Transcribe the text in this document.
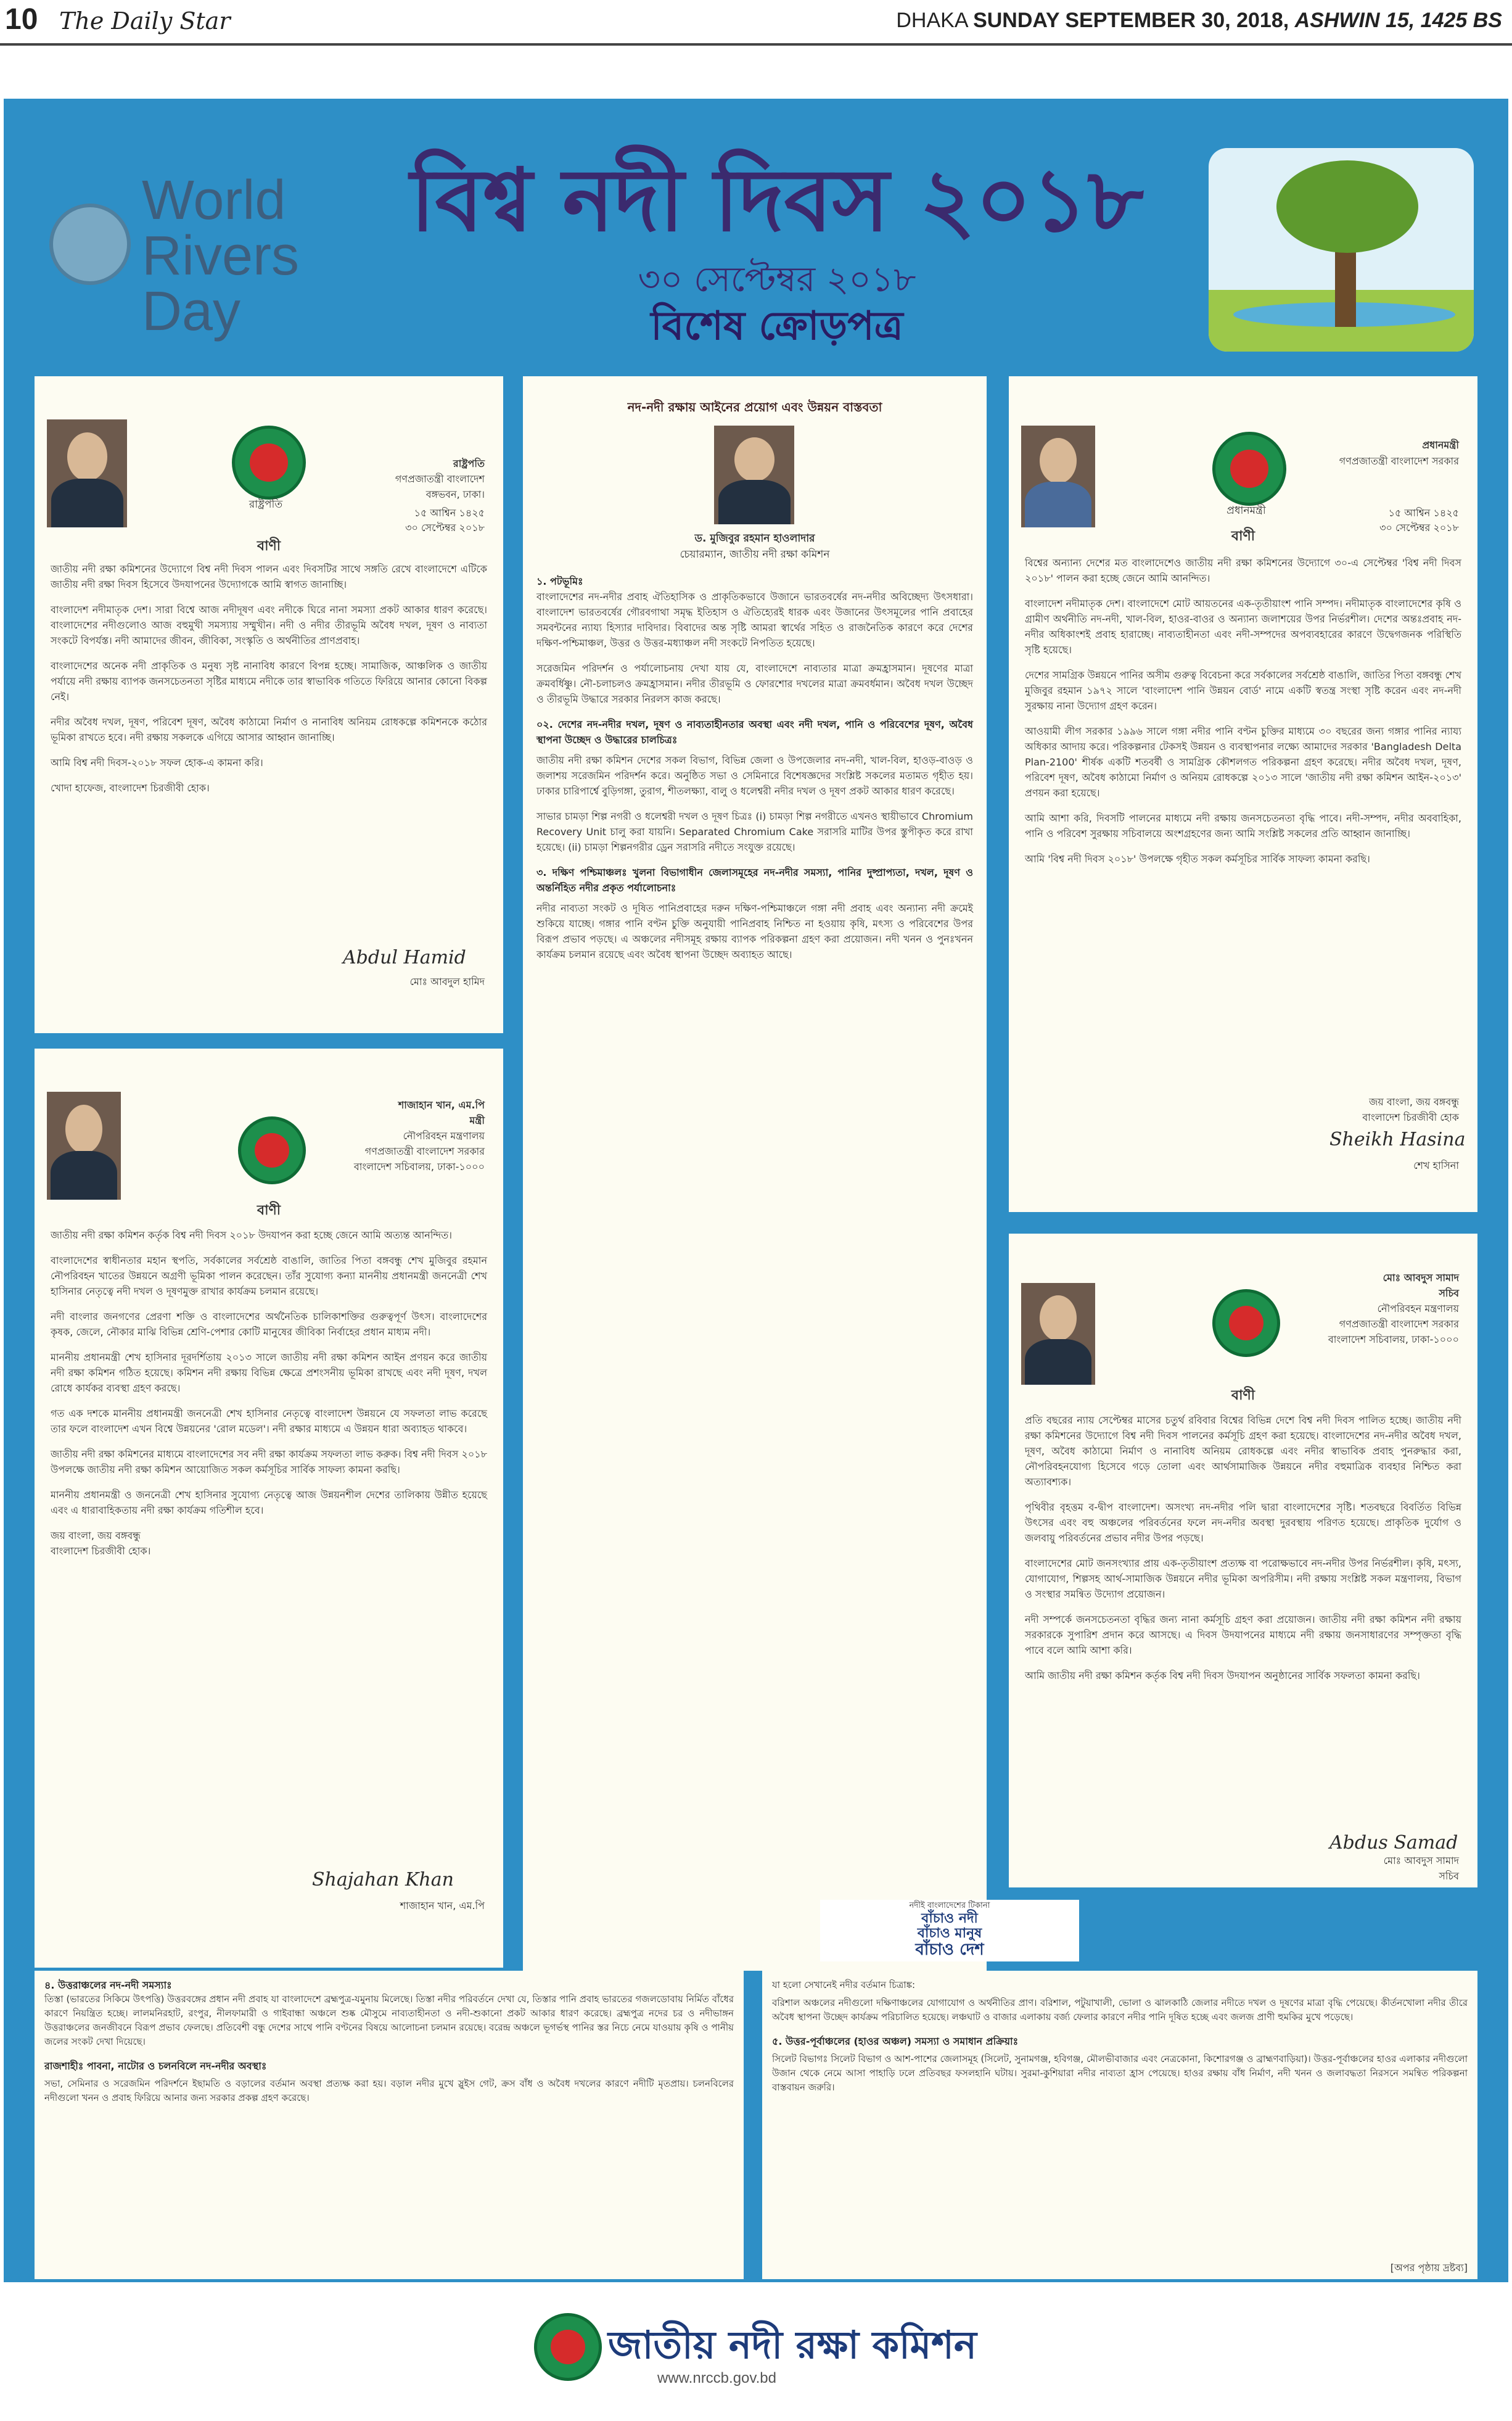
10 The Daily Star	DHAKA SUNDAY SEPTEMBER 30, 2018, ASHWIN 15, 1425 BS
World
Rivers
Day
বিশ্ব নদী দিবস ২০১৮
৩০ সেপ্টেম্বর ২০১৮
বিশেষ ক্রোড়পত্র
রাষ্ট্রপতি
রাষ্ট্রপতি
গণপ্রজাতন্ত্রী বাংলাদেশ
বঙ্গভবন, ঢাকা।
১৫ আশ্বিন ১৪২৫
৩০ সেপ্টেম্বর ২০১৮
বাণী

জাতীয় নদী রক্ষা কমিশনের উদ্যোগে বিশ্ব নদী দিবস পালন এবং দিবসটির সাথে সঙ্গতি রেখে বাংলাদেশে এটিকে জাতীয় নদী রক্ষা দিবস হিসেবে উদযাপনের উদ্যোগকে আমি স্বাগত জানাচ্ছি।

বাংলাদেশ নদীমাতৃক দেশ। সারা বিশ্বে আজ নদীদূষণ এবং নদীকে ঘিরে নানা সমস্যা প্রকট আকার ধারণ করেছে। বাংলাদেশের নদীগুলোও আজ বহুমুখী সমস্যায় সম্মুখীন। নদী ও নদীর তীরভূমি অবৈধ দখল, দূষণ ও নাব্যতা সংকটে বিপর্যস্ত। নদী আমাদের জীবন, জীবিকা, সংস্কৃতি ও অর্থনীতির প্রাণপ্রবাহ।

বাংলাদেশের অনেক নদী প্রাকৃতিক ও মনুষ্য সৃষ্ট নানাবিধ কারণে বিপন্ন হচ্ছে। সামাজিক, আঞ্চলিক ও জাতীয় পর্যায়ে নদী রক্ষায় ব্যাপক জনসচেতনতা সৃষ্টির মাধ্যমে নদীকে তার স্বাভাবিক গতিতে ফিরিয়ে আনার কোনো বিকল্প নেই।

নদীর অবৈধ দখল, দূষণ, পরিবেশ দূষণ, অবৈধ কাঠামো নির্মাণ ও নানাবিধ অনিয়ম রোধকল্পে কমিশনকে কঠোর ভূমিকা রাখতে হবে। নদী রক্ষায় সকলকে এগিয়ে আসার আহ্বান জানাচ্ছি।

আমি বিশ্ব নদী দিবস-২০১৮ সফল হোক-এ কামনা করি।

খোদা হাফেজ, বাংলাদেশ চিরজীবী হোক।

Abdul Hamid
মোঃ আবদুল হামিদ
শাজাহান খান, এম.পি
মন্ত্রী
নৌপরিবহন মন্ত্রণালয়
গণপ্রজাতন্ত্রী বাংলাদেশ সরকার
বাংলাদেশ সচিবালয়, ঢাকা-১০০০
বাণী

জাতীয় নদী রক্ষা কমিশন কর্তৃক বিশ্ব নদী দিবস ২০১৮ উদযাপন করা হচ্ছে জেনে আমি অত্যন্ত আনন্দিত।

বাংলাদেশের স্বাধীনতার মহান স্থপতি, সর্বকালের সর্বশ্রেষ্ঠ বাঙালি, জাতির পিতা বঙ্গবন্ধু শেখ মুজিবুর রহমান নৌপরিবহন খাতের উন্নয়নে অগ্রণী ভূমিকা পালন করেছেন। তাঁর সুযোগ্য কন্যা মাননীয় প্রধানমন্ত্রী জননেত্রী শেখ হাসিনার নেতৃত্বে নদী দখল ও দূষণমুক্ত রাখার কার্যক্রম চলমান রয়েছে।

নদী বাংলার জনগণের প্রেরণা শক্তি ও বাংলাদেশের অর্থনৈতিক চালিকাশক্তির গুরুত্বপূর্ণ উৎস। বাংলাদেশের কৃষক, জেলে, নৌকার মাঝি বিভিন্ন শ্রেণি-পেশার কোটি মানুষের জীবিকা নির্বাহের প্রধান মাধ্যম নদী।

মাননীয় প্রধানমন্ত্রী শেখ হাসিনার দূরদর্শিতায় ২০১৩ সালে জাতীয় নদী রক্ষা কমিশন আইন প্রণয়ন করে জাতীয় নদী রক্ষা কমিশন গঠিত হয়েছে। কমিশন নদী রক্ষায় বিভিন্ন ক্ষেত্রে প্রশংসনীয় ভূমিকা রাখছে এবং নদী দূষণ, দখল রোধে কার্যকর ব্যবস্থা গ্রহণ করছে।

গত এক দশকে মাননীয় প্রধানমন্ত্রী জননেত্রী শেখ হাসিনার নেতৃত্বে বাংলাদেশ উন্নয়নে যে সফলতা লাভ করেছে তার ফলে বাংলাদেশ এখন বিশ্বে উন্নয়নের 'রোল মডেল'। নদী রক্ষার মাধ্যমে এ উন্নয়ন ধারা অব্যাহত থাকবে।

জাতীয় নদী রক্ষা কমিশনের মাধ্যমে বাংলাদেশের সব নদী রক্ষা কার্যক্রম সফলতা লাভ করুক। বিশ্ব নদী দিবস ২০১৮ উপলক্ষে জাতীয় নদী রক্ষা কমিশন আয়োজিত সকল কর্মসূচির সার্বিক সাফল্য কামনা করছি।

মাননীয় প্রধানমন্ত্রী ও জননেত্রী শেখ হাসিনার সুযোগ্য নেতৃত্বে আজ উন্নয়নশীল দেশের তালিকায় উন্নীত হয়েছে এবং এ ধারাবাহিকতায় নদী রক্ষা কার্যক্রম গতিশীল হবে।

জয় বাংলা, জয় বঙ্গবন্ধু

বাংলাদেশ চিরজীবী হোক।

Shajahan Khan
শাজাহান খান, এম.পি
নদ-নদী রক্ষায় আইনের প্রয়োগ এবং উন্নয়ন বাস্তবতা
ড. মুজিবুর রহমান হাওলাদার
চেয়ারম্যান, জাতীয় নদী রক্ষা কমিশন
১. পটভূমিঃ

বাংলাদেশের নদ-নদীর প্রবাহ ঐতিহাসিক ও প্রাকৃতিকভাবে উজানে ভারতবর্ষের নদ-নদীর অবিচ্ছেদ্য উৎসধারা। বাংলাদেশ ভারতবর্ষের গৌরবগাথা সমৃদ্ধ ইতিহাস ও ঐতিহ্যেরই ধারক এবং উজানের উৎসমূলের পানি প্রবাহের সমবন্টনের ন্যায্য হিস্যার দাবিদার। বিবাদের অন্ত সৃষ্টি আমরা স্বার্থের সহিত ও রাজনৈতিক কারণে করে দেশের দক্ষিণ-পশ্চিমাঞ্চল, উত্তর ও উত্তর-মধ্যাঞ্চল নদী সংকটে নিপতিত হয়েছে।

সরেজমিন পরিদর্শন ও পর্যালোচনায় দেখা যায় যে, বাংলাদেশে নাব্যতার মাত্রা ক্রমহ্রাসমান। দূষণের মাত্রা ক্রমবর্ধিষ্ণু। নৌ-চলাচলও ক্রমহ্রাসমান। নদীর তীরভূমি ও ফোরশোর দখলের মাত্রা ক্রমবর্ধমান। অবৈধ দখল উচ্ছেদ ও তীরভূমি উদ্ধারে সরকার নিরলস কাজ করছে।

০২. দেশের নদ-নদীর দখল, দূষণ ও নাব্যতাহীনতার অবস্থা এবং নদী দখল, পানি ও পরিবেশের দূষণ, অবৈধ স্থাপনা উচ্ছেদ ও উদ্ধারের চালচিত্রঃ

জাতীয় নদী রক্ষা কমিশন দেশের সকল বিভাগ, বিভিন্ন জেলা ও উপজেলার নদ-নদী, খাল-বিল, হাওড়-বাওড় ও জলাশয় সরেজমিন পরিদর্শন করে। অনুষ্ঠিত সভা ও সেমিনারে বিশেষজ্ঞদের সংশ্লিষ্ট সকলের মতামত গৃহীত হয়। ঢাকার চারিপার্শ্বে বুড়িগঙ্গা, তুরাগ, শীতলক্ষ্যা, বালু ও ধলেশ্বরী নদীর দখল ও দূষণ প্রকট আকার ধারণ করেছে।

সাভার চামড়া শিল্প নগরী ও ধলেশ্বরী দখল ও দূষণ চিত্রঃ (i) চামড়া শিল্প নগরীতে এখনও স্থায়ীভাবে Chromium Recovery Unit চালু করা যায়নি। Separated Chromium Cake সরাসরি মাটির উপর স্তুপীকৃত করে রাখা হয়েছে। (ii) চামড়া শিল্পনগরীর ড্রেন সরাসরি নদীতে সংযুক্ত রয়েছে।

৩. দক্ষিণ পশ্চিমাঞ্চলঃ খুলনা বিভাগাধীন জেলাসমূহের নদ-নদীর সমস্যা, পানির দুষ্প্রাপ্যতা, দখল, দূষণ ও অন্তর্নিহিত নদীর প্রকৃত পর্যালোচনাঃ

নদীর নাব্যতা সংকট ও দূষিত পানিপ্রবাহের দরুন দক্ষিণ-পশ্চিমাঞ্চলে গঙ্গা নদী প্রবাহ এবং অন্যান্য নদী ক্রমেই শুকিয়ে যাচ্ছে। গঙ্গার পানি বণ্টন চুক্তি অনুযায়ী পানিপ্রবাহ নিশ্চিত না হওয়ায় কৃষি, মৎস্য ও পরিবেশের উপর বিরূপ প্রভাব পড়ছে। এ অঞ্চলের নদীসমূহ রক্ষায় ব্যাপক পরিকল্পনা গ্রহণ করা প্রয়োজন। নদী খনন ও পুনঃখনন কার্যক্রম চলমান রয়েছে এবং অবৈধ স্থাপনা উচ্ছেদ অব্যাহত আছে।

প্রধানমন্ত্রী
প্রধানমন্ত্রী
গণপ্রজাতন্ত্রী বাংলাদেশ সরকার
১৫ আশ্বিন ১৪২৫
৩০ সেপ্টেম্বর ২০১৮
বাণী

বিশ্বের অন্যান্য দেশের মত বাংলাদেশেও জাতীয় নদী রক্ষা কমিশনের উদ্যোগে ৩০-এ সেপ্টেম্বর 'বিশ্ব নদী দিবস ২০১৮' পালন করা হচ্ছে জেনে আমি আনন্দিত।

বাংলাদেশ নদীমাতৃক দেশ। বাংলাদেশে মোট আয়তনের এক-তৃতীয়াংশ পানি সম্পদ। নদীমাতৃক বাংলাদেশের কৃষি ও গ্রামীণ অর্থনীতি নদ-নদী, খাল-বিল, হাওর-বাওর ও অন্যান্য জলাশয়ের উপর নির্ভরশীল। দেশের অন্তঃপ্রবাহ নদ-নদীর অধিকাংশই প্রবাহ হারাচ্ছে। নাব্যতাহীনতা এবং নদী-সম্পদের অপব্যবহারের কারণে উদ্বেগজনক পরিস্থিতি সৃষ্টি হয়েছে।

দেশের সামগ্রিক উন্নয়নে পানির অসীম গুরুত্ব বিবেচনা করে সর্বকালের সর্বশ্রেষ্ঠ বাঙালি, জাতির পিতা বঙ্গবন্ধু শেখ মুজিবুর রহমান ১৯৭২ সালে 'বাংলাদেশ পানি উন্নয়ন বোর্ড' নামে একটি স্বতন্ত্র সংস্থা সৃষ্টি করেন এবং নদ-নদী সুরক্ষায় নানা উদ্যোগ গ্রহণ করেন।

আওয়ামী লীগ সরকার ১৯৯৬ সালে গঙ্গা নদীর পানি বণ্টন চুক্তির মাধ্যমে ৩০ বছরের জন্য গঙ্গার পানির ন্যায্য অধিকার আদায় করে। পরিকল্পনার টেকসই উন্নয়ন ও ব্যবস্থাপনার লক্ষ্যে আমাদের সরকার 'Bangladesh Delta Plan-2100' শীর্ষক একটি শতবর্ষী ও সামগ্রিক কৌশলগত পরিকল্পনা গ্রহণ করেছে। নদীর অবৈধ দখল, দূষণ, পরিবেশ দূষণ, অবৈধ কাঠামো নির্মাণ ও অনিয়ম রোধকল্পে ২০১৩ সালে 'জাতীয় নদী রক্ষা কমিশন আইন-২০১৩' প্রণয়ন করা হয়েছে।

আমি আশা করি, দিবসটি পালনের মাধ্যমে নদী রক্ষায় জনসচেতনতা বৃদ্ধি পাবে। নদী-সম্পদ, নদীর অববাহিকা, পানি ও পরিবেশ সুরক্ষায় সচিবালয়ে অংশগ্রহণের জন্য আমি সংশ্লিষ্ট সকলের প্রতি আহ্বান জানাচ্ছি।

আমি 'বিশ্ব নদী দিবস ২০১৮' উপলক্ষে গৃহীত সকল কর্মসূচির সার্বিক সাফল্য কামনা করছি।

জয় বাংলা, জয় বঙ্গবন্ধু
বাংলাদেশ চিরজীবী হোক
Sheikh Hasina
শেখ হাসিনা
মোঃ আবদুস সামাদ
সচিব
নৌপরিবহন মন্ত্রণালয়
গণপ্রজাতন্ত্রী বাংলাদেশ সরকার
বাংলাদেশ সচিবালয়, ঢাকা-১০০০
বাণী

প্রতি বছরের ন্যায় সেপ্টেম্বর মাসের চতুর্থ রবিবার বিশ্বের বিভিন্ন দেশে বিশ্ব নদী দিবস পালিত হচ্ছে। জাতীয় নদী রক্ষা কমিশনের উদ্যোগে বিশ্ব নদী দিবস পালনের কর্মসূচি গ্রহণ করা হয়েছে। বাংলাদেশের নদ-নদীর অবৈধ দখল, দূষণ, অবৈধ কাঠামো নির্মাণ ও নানাবিধ অনিয়ম রোধকল্পে এবং নদীর স্বাভাবিক প্রবাহ পুনরুদ্ধার করা, নৌপরিবহনযোগ্য হিসেবে গড়ে তোলা এবং আর্থসামাজিক উন্নয়নে নদীর বহুমাত্রিক ব্যবহার নিশ্চিত করা অত্যাবশ্যক।

পৃথিবীর বৃহত্তম ব-দ্বীপ বাংলাদেশ। অসংখ্য নদ-নদীর পলি দ্বারা বাংলাদেশের সৃষ্টি। শতবছরে বিবর্তিত বিভিন্ন উৎসের এবং বহু অঞ্চলের পরিবর্তনের ফলে নদ-নদীর অবস্থা দুরবস্থায় পরিণত হয়েছে। প্রাকৃতিক দুর্যোগ ও জলবায়ু পরিবর্তনের প্রভাব নদীর উপর পড়ছে।

বাংলাদেশের মোট জনসংখ্যার প্রায় এক-তৃতীয়াংশ প্রত্যক্ষ বা পরোক্ষভাবে নদ-নদীর উপর নির্ভরশীল। কৃষি, মৎস্য, যোগাযোগ, শিল্পসহ আর্থ-সামাজিক উন্নয়নে নদীর ভূমিকা অপরিসীম। নদী রক্ষায় সংশ্লিষ্ট সকল মন্ত্রণালয়, বিভাগ ও সংস্থার সমন্বিত উদ্যোগ প্রয়োজন।

নদী সম্পর্কে জনসচেতনতা বৃদ্ধির জন্য নানা কর্মসূচি গ্রহণ করা প্রয়োজন। জাতীয় নদী রক্ষা কমিশন নদী রক্ষায় সরকারকে সুপারিশ প্রদান করে আসছে। এ দিবস উদযাপনের মাধ্যমে নদী রক্ষায় জনসাধারণের সম্পৃক্ততা বৃদ্ধি পাবে বলে আমি আশা করি।

আমি জাতীয় নদী রক্ষা কমিশন কর্তৃক বিশ্ব নদী দিবস উদযাপন অনুষ্ঠানের সার্বিক সফলতা কামনা করছি।

Abdus Samad
মোঃ আবদুস সামাদ
সচিব
নদীই বাংলাদেশের টিকানা
বাঁচাও নদী
বাঁচাও মানুষ
বাঁচাও দেশ
৪. উত্তরাঞ্চলের নদ-নদী সমস্যাঃ

তিস্তা (ভারতের সিকিমে উৎপত্তি) উত্তরবঙ্গের প্রধান নদী প্রবাহ যা বাংলাদেশে ব্রহ্মপুত্র-যমুনায় মিলেছে। তিস্তা নদীর পরিবর্তনে দেখা যে, তিস্তার পানি প্রবাহ ভারতের গজলডোবায় নির্মিত বাঁধের কারণে নিয়ন্ত্রিত হচ্ছে। লালমনিরহাট, রংপুর, নীলফামারী ও গাইবান্ধা অঞ্চলে শুষ্ক মৌসুমে নাব্যতাহীনতা ও নদী-শুকানো প্রকট আকার ধারণ করেছে। ব্রহ্মপুত্র নদের চর ও নদীভাঙ্গন উত্তরাঞ্চলের জনজীবনে বিরূপ প্রভাব ফেলছে। প্রতিবেশী বন্ধু দেশের সাথে পানি বণ্টনের বিষয়ে আলোচনা চলমান রয়েছে। বরেন্দ্র অঞ্চলে ভূগর্ভস্থ পানির স্তর নিচে নেমে যাওয়ায় কৃষি ও পানীয় জলের সংকট দেখা দিয়েছে।

রাজশাহীঃ পাবনা, নাটোর ও চলনবিলে নদ-নদীর অবস্থাঃ

সভা, সেমিনার ও সরেজমিন পরিদর্শনে ইছামতি ও বড়ালের বর্তমান অবস্থা প্রত্যক্ষ করা হয়। বড়াল নদীর মুখে স্লুইস গেট, ক্রস বাঁধ ও অবৈধ দখলের কারণে নদীটি মৃতপ্রায়। চলনবিলের নদীগুলো খনন ও প্রবাহ ফিরিয়ে আনার জন্য সরকার প্রকল্প গ্রহণ করেছে।

যা হলো সেখানেই নদীর বর্তমান চিত্রাঙ্ক:

বরিশাল অঞ্চলের নদীগুলো দক্ষিণাঞ্চলের যোগাযোগ ও অর্থনীতির প্রাণ। বরিশাল, পটুয়াখালী, ভোলা ও ঝালকাঠি জেলার নদীতে দখল ও দূষণের মাত্রা বৃদ্ধি পেয়েছে। কীর্তনখোলা নদীর তীরে অবৈধ স্থাপনা উচ্ছেদ কার্যক্রম পরিচালিত হয়েছে। লঞ্চঘাট ও বাজার এলাকায় বর্জ্য ফেলার কারণে নদীর পানি দূষিত হচ্ছে এবং জলজ প্রাণী হুমকির মুখে পড়েছে।

৫. উত্তর-পূর্বাঞ্চলের (হাওর অঞ্চল) সমস্যা ও সমাধান প্রক্রিয়াঃ

সিলেট বিভাগঃ সিলেট বিভাগ ও আশ-পাশের জেলাসমূহ (সিলেট, সুনামগঞ্জ, হবিগঞ্জ, মৌলভীবাজার এবং নেত্রকোনা, কিশোরগঞ্জ ও ব্রাহ্মণবাড়িয়া)। উত্তর-পূর্বাঞ্চলের হাওর এলাকার নদীগুলো উজান থেকে নেমে আসা পাহাড়ি ঢলে প্রতিবছর ফসলহানি ঘটায়। সুরমা-কুশিয়ারা নদীর নাব্যতা হ্রাস পেয়েছে। হাওর রক্ষায় বাঁধ নির্মাণ, নদী খনন ও জলাবদ্ধতা নিরসনে সমন্বিত পরিকল্পনা বাস্তবায়ন জরুরি।

[অপর পৃষ্ঠায় দ্রষ্টব্য]
জাতীয় নদী রক্ষা কমিশন
www.nrccb.gov.bd
